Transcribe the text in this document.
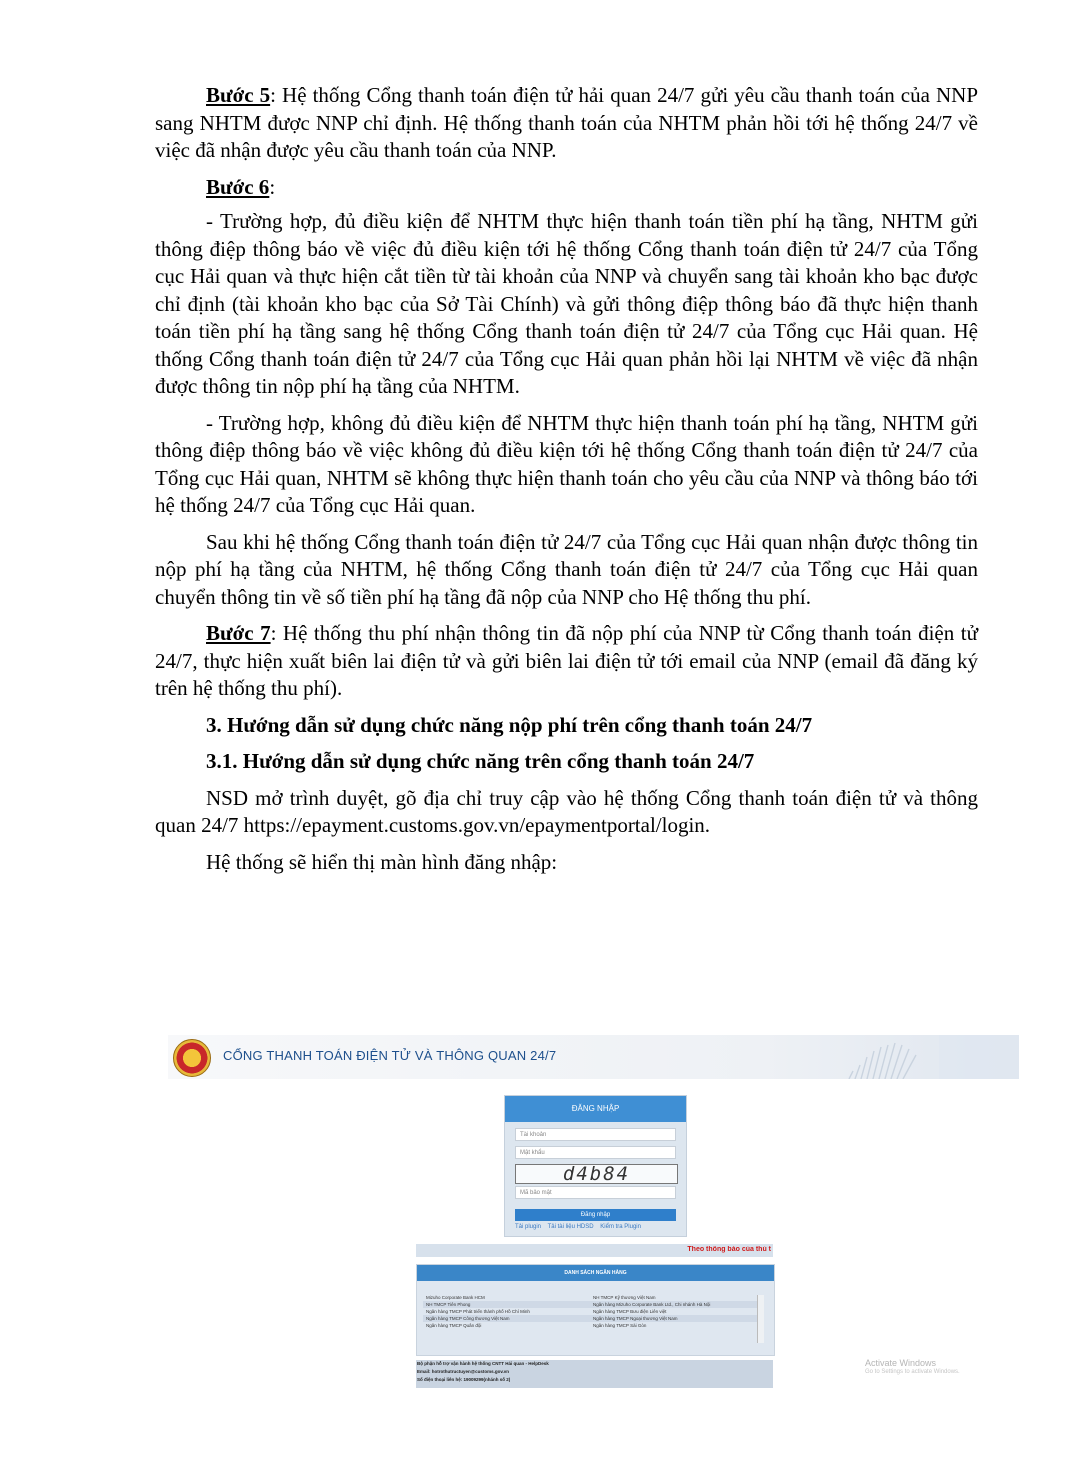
Bước 5: Hệ thống Cổng thanh toán điện tử hải quan 24/7 gửi yêu cầu thanh toán của NNP sang NHTM được NNP chỉ định. Hệ thống thanh toán của NHTM phản hồi tới hệ thống 24/7 về việc đã nhận được yêu cầu thanh toán của NNP.

Bước 6:

- Trường hợp, đủ điều kiện để NHTM thực hiện thanh toán tiền phí hạ tầng, NHTM gửi thông điệp thông báo về việc đủ điều kiện tới hệ thống Cổng thanh toán điện tử 24/7 của Tổng cục Hải quan và thực hiện cắt tiền từ tài khoản của NNP và chuyển sang tài khoản kho bạc được chỉ định (tài khoản kho bạc của Sở Tài Chính) và gửi thông điệp thông báo đã thực hiện thanh toán tiền phí hạ tầng sang hệ thống Cổng thanh toán điện tử 24/7 của Tổng cục Hải quan. Hệ thống Cổng thanh toán điện tử 24/7 của Tổng cục Hải quan phản hồi lại NHTM về việc đã nhận được thông tin nộp phí hạ tầng của NHTM.

- Trường hợp, không đủ điều kiện để NHTM thực hiện thanh toán phí hạ tầng, NHTM gửi thông điệp thông báo về việc không đủ điều kiện tới hệ thống Cổng thanh toán điện tử 24/7 của Tổng cục Hải quan, NHTM sẽ không thực hiện thanh toán cho yêu cầu của NNP và thông báo tới hệ thống 24/7 của Tổng cục Hải quan.

Sau khi hệ thống Cổng thanh toán điện tử 24/7 của Tổng cục Hải quan nhận được thông tin nộp phí hạ tầng của NHTM, hệ thống Cổng thanh toán điện tử 24/7 của Tổng cục Hải quan chuyển thông tin về số tiền phí hạ tầng đã nộp của NNP cho Hệ thống thu phí.

Bước 7: Hệ thống thu phí nhận thông tin đã nộp phí của NNP từ Cổng thanh toán điện tử 24/7, thực hiện xuất biên lai điện tử và gửi biên lai điện tử tới email của NNP (email đã đăng ký trên hệ thống thu phí).

3. Hướng dẫn sử dụng chức năng nộp phí trên cổng thanh toán 24/7

3.1. Hướng dẫn sử dụng chức năng trên cổng thanh toán 24/7

NSD mở trình duyệt, gõ địa chỉ truy cập vào hệ thống Cổng thanh toán điện tử và thông quan 24/7 https://epayment.customs.gov.vn/epaymentportal/login.

Hệ thống sẽ hiển thị màn hình đăng nhập:

CỔNG THANH TOÁN ĐIỆN TỬ VÀ THÔNG QUAN 24/7
ĐĂNG NHẬP
Tài khoản
Mật khẩu
d4b84
Mã bảo mật
Đăng nhập
Tải plugin Tải tài liệu HDSD Kiểm tra Plugin
Theo thông báo của thủ t
DANH SÁCH NGÂN HÀNG
Mizuho Corporate Bank HCM	NH TMCP Kỹ thương Việt Nam
NH TMCP Tiên Phong	Ngân hàng Mizuho Corporate Bank Ltd., Chi nhánh Hà Nội
Ngân hàng TMCP Phát triển thành phố Hồ Chí Minh	Ngân hàng TMCP Bưu điện Liên việt
Ngân hàng TMCP Công thương Việt Nam	Ngân hàng TMCP Ngoại thương Việt Nam
Ngân hàng TMCP Quân đội	Ngân hàng TMCP Sài Gòn
Bộ phận hỗ trợ vận hành hệ thống CNTT Hải quan - HelpDesk
Email: hotrothutructuyen@customs.gov.vn
Số điện thoại liên hệ: 19009299(nhánh số 2)
Activate Windows
Go to Settings to activate Windows.
